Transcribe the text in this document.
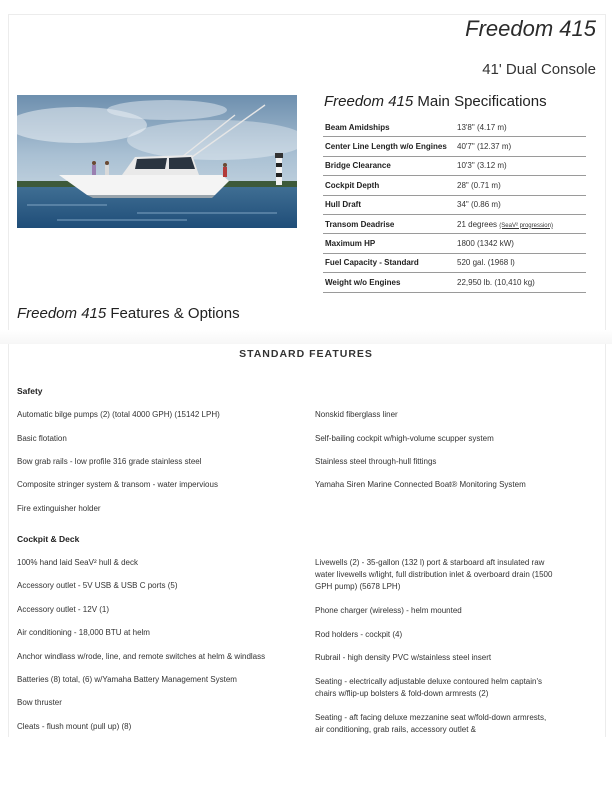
Freedom 415
41' Dual Console
Freedom 415 Main Specifications
Beam Amidships	13'8" (4.17 m)
Center Line Length w/o Engines	40'7" (12.37 m)
Bridge Clearance	10'3" (3.12 m)
Cockpit Depth	28" (0.71 m)
Hull Draft	34" (0.86 m)
Transom Deadrise	21 degrees (SeaV² progression)
Maximum HP	1800 (1342 kW)
Fuel Capacity - Standard	520 gal. (1968 l)
Weight w/o Engines	22,950 lb. (10,410 kg)
Freedom 415 Features & Options
STANDARD FEATURES
Safety
Automatic bilge pumps (2) (total 4000 GPH) (15142 LPH)
Basic flotation
Bow grab rails - low profile 316 grade stainless steel
Composite stringer system & transom - water impervious
Fire extinguisher holder
Nonskid fiberglass liner
Self-bailing cockpit w/high-volume scupper system
Stainless steel through-hull fittings
Yamaha Siren Marine Connected Boat® Monitoring System
Cockpit & Deck
100% hand laid SeaV² hull & deck
Accessory outlet - 5V USB & USB C ports (5)
Accessory outlet - 12V (1)
Air conditioning - 18,000 BTU at helm
Anchor windlass w/rode, line, and remote switches at helm & windlass
Batteries (8) total, (6) w/Yamaha Battery Management System
Bow thruster
Cleats - flush mount (pull up) (8)
Livewells (2) - 35-gallon (132 l) port & starboard aft insulated raw water livewells w/light, full distribution inlet & overboard drain (1500 GPH pump) (5678 LPH)
Phone charger (wireless) - helm mounted
Rod holders - cockpit (4)
Rubrail - high density PVC w/stainless steel insert
Seating - electrically adjustable deluxe contoured helm captain's chairs w/flip-up bolsters & fold-down armrests (2)
Seating - aft facing deluxe mezzanine seat w/fold-down armrests, air conditioning, grab rails, accessory outlet &
